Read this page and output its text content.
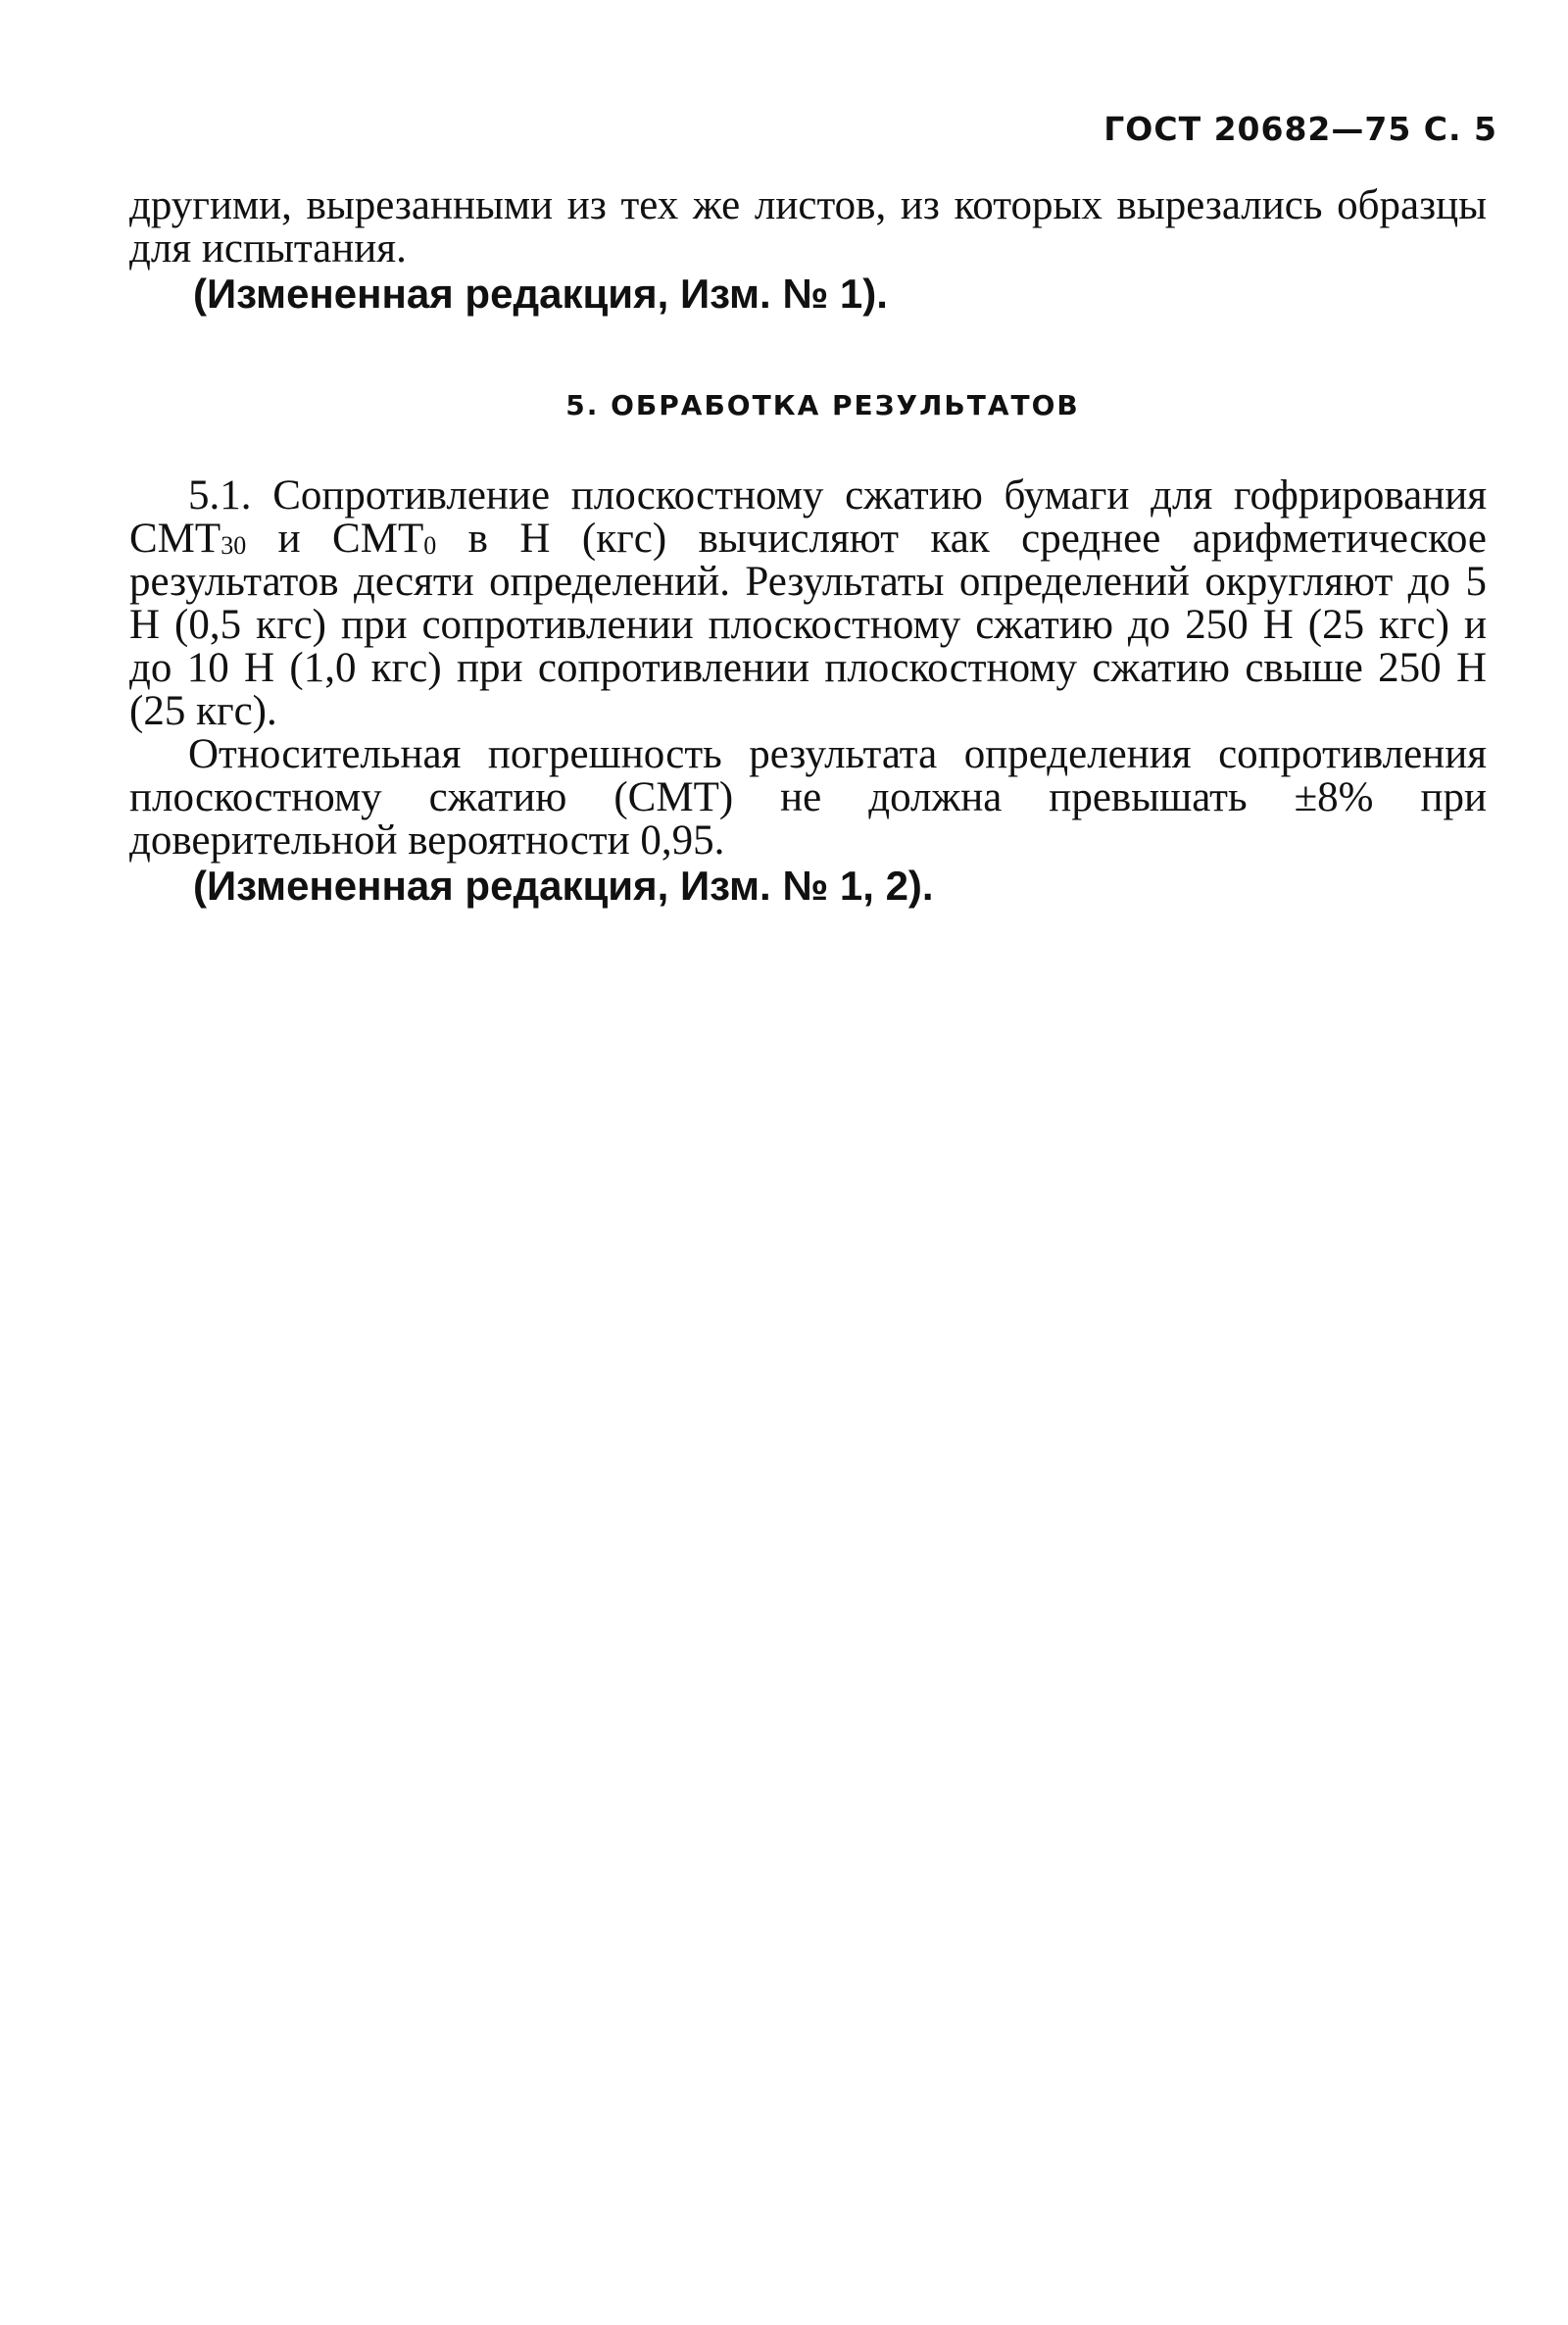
ГОСТ 20682—75 С. 5

другими, вырезанными из тех же листов, из которых вырезались образцы для испытания.

(Измененная редакция, Изм. № 1).

5. ОБРАБОТКА РЕЗУЛЬТАТОВ

5.1. Сопротивление плоскостному сжатию бумаги для гофрирования $СМТ_{30}$ и $СМТ_0$ в Н (кгс) вычисляют как среднее арифметическое результатов десяти определений. Результаты определений округляют до 5 Н (0,5 кгс) при сопротивлении плоскостному сжатию до 250 Н (25 кгс) и до 10 Н (1,0 кгс) при сопротивлении плоскостному сжатию свыше 250 Н (25 кгс).

Относительная погрешность результата определения сопротивления плоскостному сжатию (СМТ) не должна превышать ±8% при доверительной вероятности 0,95.

(Измененная редакция, Изм. № 1, 2).
